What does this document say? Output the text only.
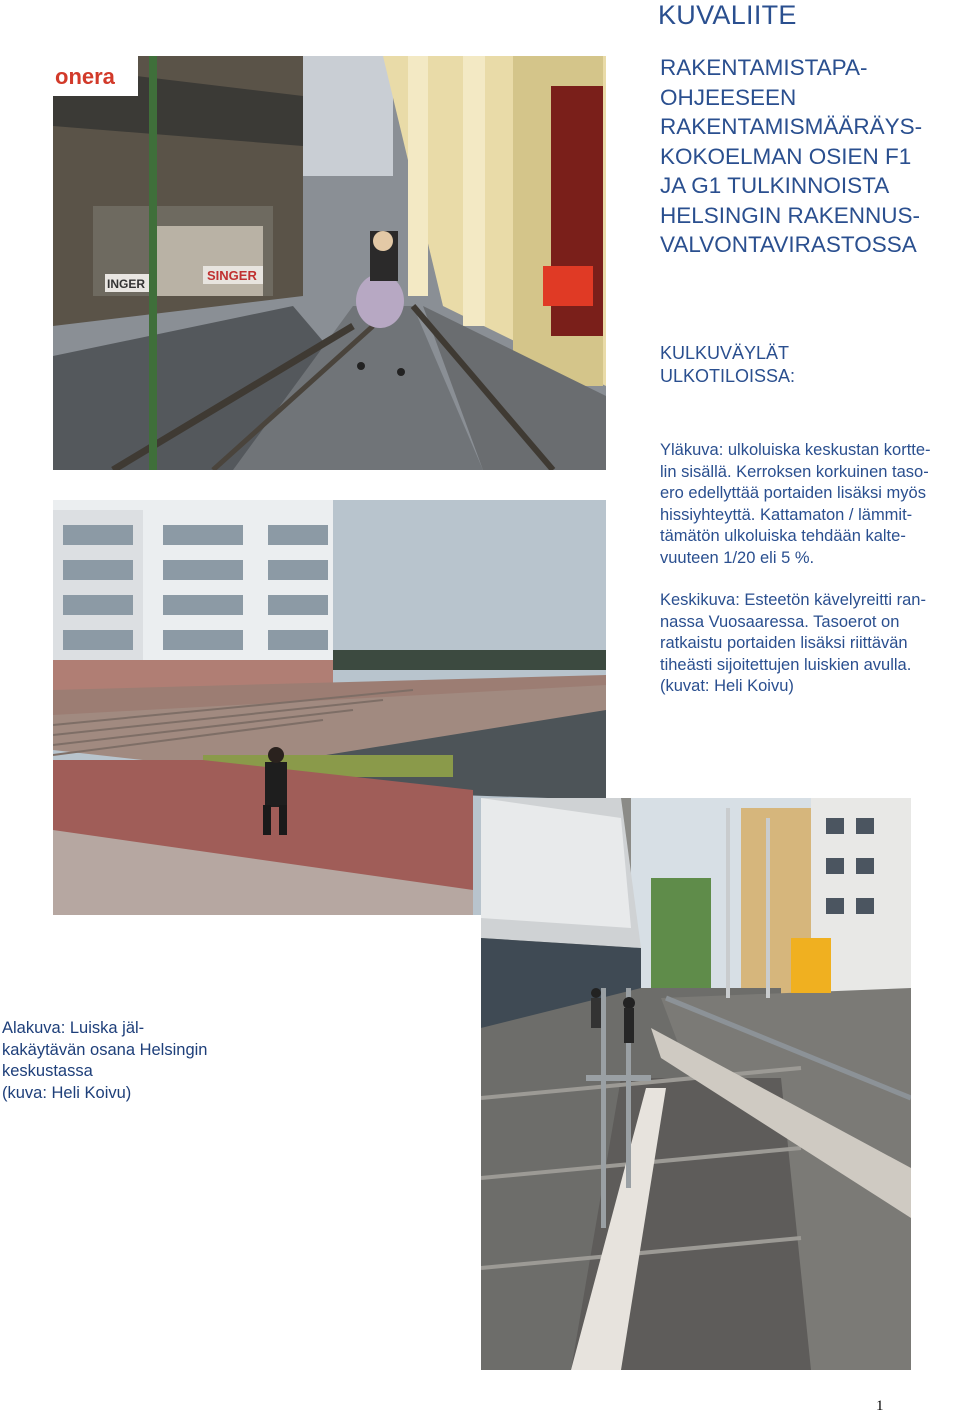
SINGER
INGER
onera
KUVALIITE
RAKENTAMISTAPA-
OHJEESEEN
RAKENTAMISMÄÄRÄYS-
KOKOELMAN OSIEN F1
JA G1 TULKINNOISTA
HELSINGIN RAKENNUS-
VALVONTAVIRASTOSSA
KULKUVÄYLÄT
ULKOTILOISSA:
Yläkuva: ulkoluiska keskustan kortte-
lin sisällä. Kerroksen korkuinen taso-
ero edellyttää portaiden lisäksi myös
hissiyhteyttä. Kattamaton / lämmit-
tämätön ulkoluiska tehdään kalte-
vuuteen 1/20 eli 5 %.
Keskikuva: Esteetön kävelyreitti ran-
nassa Vuosaaressa. Tasoerot on
ratkaistu portaiden lisäksi riittävän
tiheästi sijoitettujen luiskien avulla.
(kuvat: Heli Koivu)
Alakuva: Luiska jäl-
kakäytävän osana Helsingin
keskustassa
(kuva: Heli Koivu)
1
